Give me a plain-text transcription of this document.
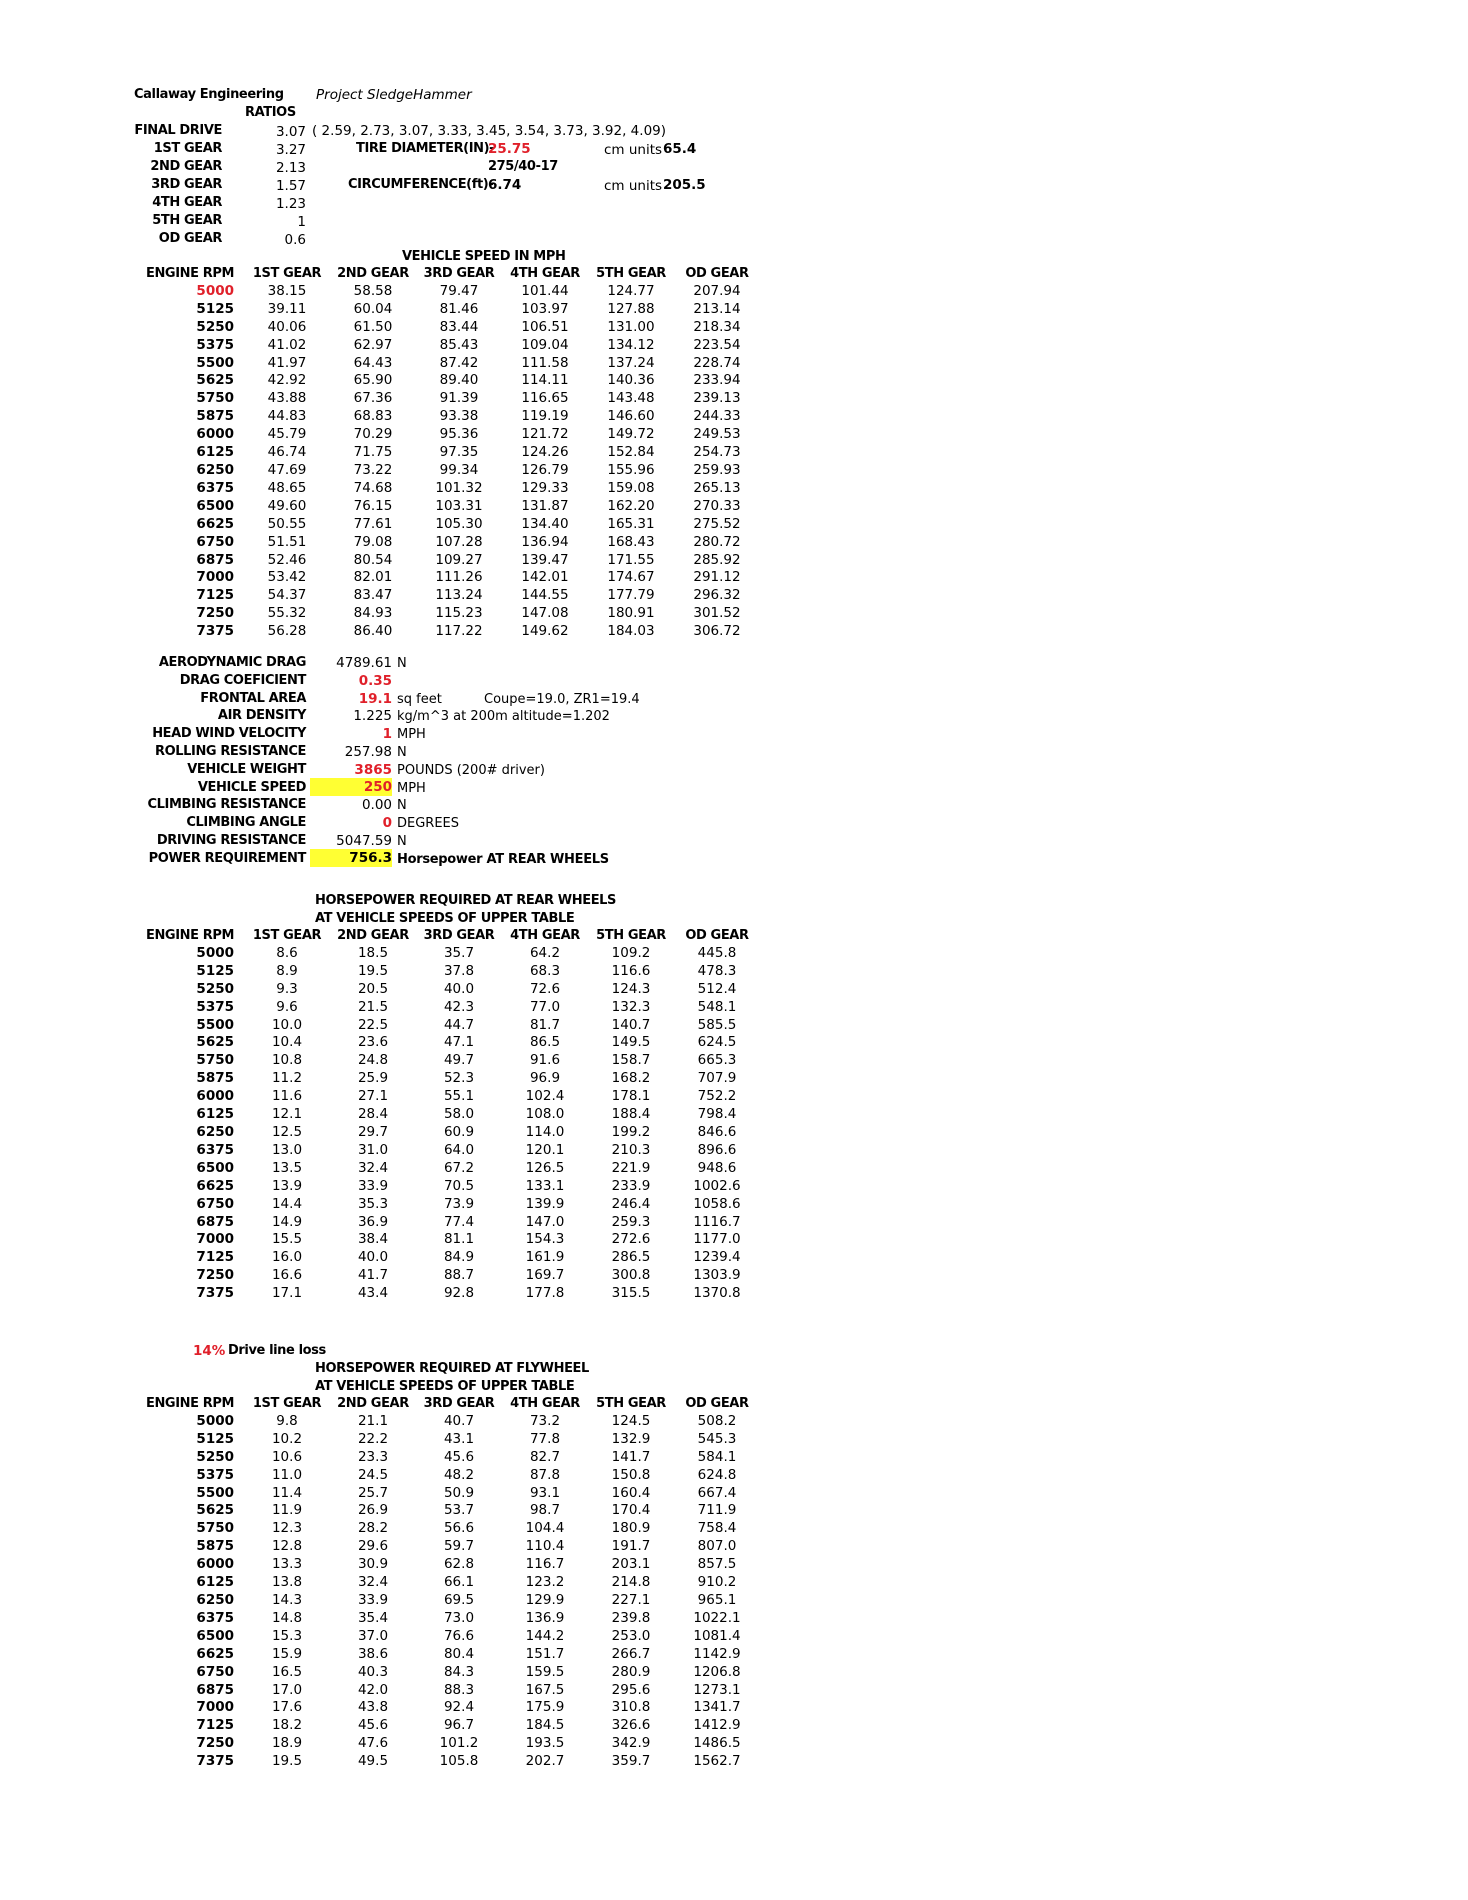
Callaway Engineering Project SledgeHammer
RATIOS
FINAL DRIVE	3.07
1ST GEAR	3.27
2ND GEAR	2.13
3RD GEAR	1.57
4TH GEAR	1.23
5TH GEAR	1
OD GEAR	0.6
( 2.59, 2.73, 3.07, 3.33, 3.45, 3.54, 3.73, 3.92, 4.09)
TIRE DIAMETER(IN)-
25.75	cm units 65.4
275/40-17
CIRCUMFERENCE(ft)-
6.74	cm units 205.5
VEHICLE SPEED IN MPH
ENGINE RPM	1ST GEAR	2ND GEAR	3RD GEAR	4TH GEAR	5TH GEAR	OD GEAR
5000	38.15	58.58	79.47	101.44	124.77	207.94
5125	39.11	60.04	81.46	103.97	127.88	213.14
5250	40.06	61.50	83.44	106.51	131.00	218.34
5375	41.02	62.97	85.43	109.04	134.12	223.54
5500	41.97	64.43	87.42	111.58	137.24	228.74
5625	42.92	65.90	89.40	114.11	140.36	233.94
5750	43.88	67.36	91.39	116.65	143.48	239.13
5875	44.83	68.83	93.38	119.19	146.60	244.33
6000	45.79	70.29	95.36	121.72	149.72	249.53
6125	46.74	71.75	97.35	124.26	152.84	254.73
6250	47.69	73.22	99.34	126.79	155.96	259.93
6375	48.65	74.68	101.32	129.33	159.08	265.13
6500	49.60	76.15	103.31	131.87	162.20	270.33
6625	50.55	77.61	105.30	134.40	165.31	275.52
6750	51.51	79.08	107.28	136.94	168.43	280.72
6875	52.46	80.54	109.27	139.47	171.55	285.92
7000	53.42	82.01	111.26	142.01	174.67	291.12
7125	54.37	83.47	113.24	144.55	177.79	296.32
7250	55.32	84.93	115.23	147.08	180.91	301.52
7375	56.28	86.40	117.22	149.62	184.03	306.72
AERODYNAMIC DRAG 4789.61 N
DRAG COEFICIENT	0.35
FRONTAL AREA	19.1 sq feet	Coupe=19.0, ZR1=19.4
AIR DENSITY	1.225 kg/m^3 at 200m altitude=1.202
HEAD WIND VELOCITY	1 MPH
ROLLING RESISTANCE	257.98 N
VEHICLE WEIGHT	3865 POUNDS (200# driver)
VEHICLE SPEED	250 MPH
CLIMBING RESISTANCE	0.00 N
CLIMBING ANGLE	0 DEGREES
DRIVING RESISTANCE 5047.59 N
POWER REQUIREMENT	756.3 Horsepower AT REAR WHEELS
HORSEPOWER REQUIRED AT REAR WHEELS
AT VEHICLE SPEEDS OF UPPER TABLE
ENGINE RPM	1ST GEAR	2ND GEAR	3RD GEAR	4TH GEAR	5TH GEAR	OD GEAR
5000	8.6	18.5	35.7	64.2	109.2	445.8
5125	8.9	19.5	37.8	68.3	116.6	478.3
5250	9.3	20.5	40.0	72.6	124.3	512.4
5375	9.6	21.5	42.3	77.0	132.3	548.1
5500	10.0	22.5	44.7	81.7	140.7	585.5
5625	10.4	23.6	47.1	86.5	149.5	624.5
5750	10.8	24.8	49.7	91.6	158.7	665.3
5875	11.2	25.9	52.3	96.9	168.2	707.9
6000	11.6	27.1	55.1	102.4	178.1	752.2
6125	12.1	28.4	58.0	108.0	188.4	798.4
6250	12.5	29.7	60.9	114.0	199.2	846.6
6375	13.0	31.0	64.0	120.1	210.3	896.6
6500	13.5	32.4	67.2	126.5	221.9	948.6
6625	13.9	33.9	70.5	133.1	233.9	1002.6
6750	14.4	35.3	73.9	139.9	246.4	1058.6
6875	14.9	36.9	77.4	147.0	259.3	1116.7
7000	15.5	38.4	81.1	154.3	272.6	1177.0
7125	16.0	40.0	84.9	161.9	286.5	1239.4
7250	16.6	41.7	88.7	169.7	300.8	1303.9
7375	17.1	43.4	92.8	177.8	315.5	1370.8
14% Drive line loss
HORSEPOWER REQUIRED AT FLYWHEEL
AT VEHICLE SPEEDS OF UPPER TABLE
ENGINE RPM	1ST GEAR	2ND GEAR	3RD GEAR	4TH GEAR	5TH GEAR	OD GEAR
5000	9.8	21.1	40.7	73.2	124.5	508.2
5125	10.2	22.2	43.1	77.8	132.9	545.3
5250	10.6	23.3	45.6	82.7	141.7	584.1
5375	11.0	24.5	48.2	87.8	150.8	624.8
5500	11.4	25.7	50.9	93.1	160.4	667.4
5625	11.9	26.9	53.7	98.7	170.4	711.9
5750	12.3	28.2	56.6	104.4	180.9	758.4
5875	12.8	29.6	59.7	110.4	191.7	807.0
6000	13.3	30.9	62.8	116.7	203.1	857.5
6125	13.8	32.4	66.1	123.2	214.8	910.2
6250	14.3	33.9	69.5	129.9	227.1	965.1
6375	14.8	35.4	73.0	136.9	239.8	1022.1
6500	15.3	37.0	76.6	144.2	253.0	1081.4
6625	15.9	38.6	80.4	151.7	266.7	1142.9
6750	16.5	40.3	84.3	159.5	280.9	1206.8
6875	17.0	42.0	88.3	167.5	295.6	1273.1
7000	17.6	43.8	92.4	175.9	310.8	1341.7
7125	18.2	45.6	96.7	184.5	326.6	1412.9
7250	18.9	47.6	101.2	193.5	342.9	1486.5
7375	19.5	49.5	105.8	202.7	359.7	1562.7
